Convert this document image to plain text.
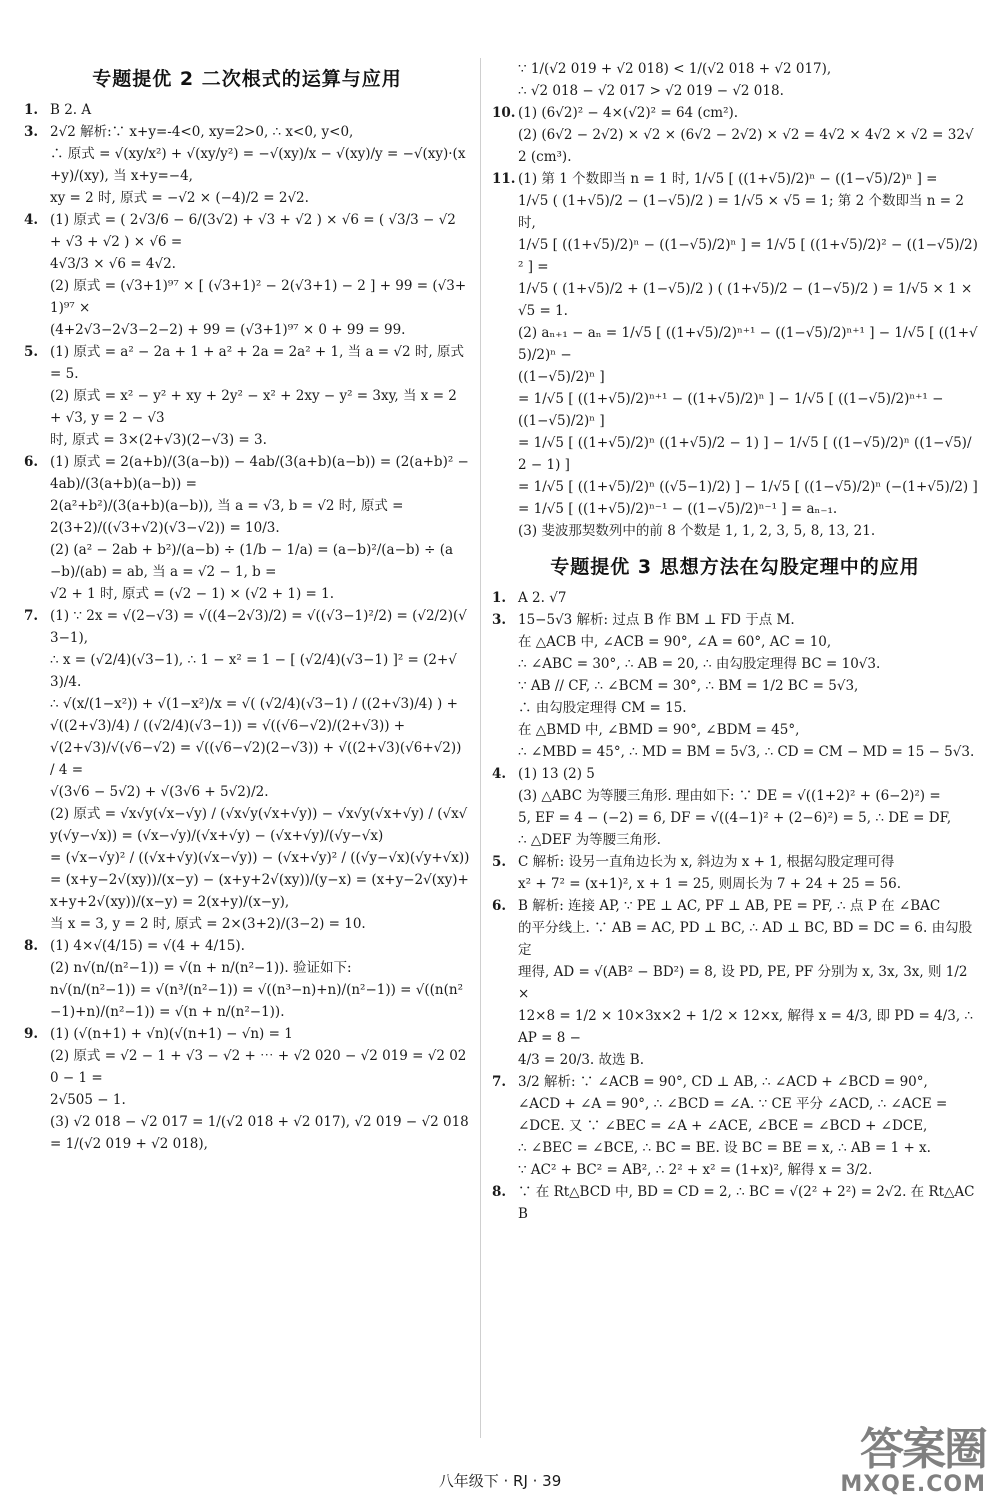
专题提优 2 二次根式的运算与应用
1. B 2. A
3. 2√2 解析:∵ x+y=-4<0, xy=2>0, ∴ x<0, y<0,
∴ 原式 = √(xy/x²) + √(xy/y²) = −√(xy)/x − √(xy)/y = −√(xy)·(x+y)/(xy), 当 x+y=−4,
xy = 2 时, 原式 = −√2 × (−4)/2 = 2√2.
4. (1) 原式 = ( 2√3/6 − 6/(3√2) + √3 + √2 ) × √6 = ( √3/3 − √2 + √3 + √2 ) × √6 =
4√3/3 × √6 = 4√2.
(2) 原式 = (√3+1)⁹⁷ × [ (√3+1)² − 2(√3+1) − 2 ] + 99 = (√3+1)⁹⁷ ×
(4+2√3−2√3−2−2) + 99 = (√3+1)⁹⁷ × 0 + 99 = 99.
5. (1) 原式 = a² − 2a + 1 + a² + 2a = 2a² + 1, 当 a = √2 时, 原式 = 5.
(2) 原式 = x² − y² + xy + 2y² − x² + 2xy − y² = 3xy, 当 x = 2 + √3, y = 2 − √3
时, 原式 = 3×(2+√3)(2−√3) = 3.
6. (1) 原式 = 2(a+b)/(3(a−b)) − 4ab/(3(a+b)(a−b)) = (2(a+b)² − 4ab)/(3(a+b)(a−b)) =
2(a²+b²)/(3(a+b)(a−b)), 当 a = √3, b = √2 时, 原式 =
2(3+2)/((√3+√2)(√3−√2)) = 10/3.
(2) (a² − 2ab + b²)/(a−b) ÷ (1/b − 1/a) = (a−b)²/(a−b) ÷ (a−b)/(ab) = ab, 当 a = √2 − 1, b =
√2 + 1 时, 原式 = (√2 − 1) × (√2 + 1) = 1.
7. (1) ∵ 2x = √(2−√3) = √((4−2√3)/2) = √((√3−1)²/2) = (√2/2)(√3−1),
∴ x = (√2/4)(√3−1), ∴ 1 − x² = 1 − [ (√2/4)(√3−1) ]² = (2+√3)/4.
∴ √(x/(1−x²)) + √(1−x²)/x = √( (√2/4)(√3−1) / ((2+√3)/4) ) + √((2+√3)/4) / ((√2/4)(√3−1)) = √((√6−√2)/(2+√3)) +
√(2+√3)/√(√6−√2) = √((√6−√2)(2−√3)) + √((2+√3)(√6+√2)) / 4 =
√(3√6 − 5√2) + √(3√6 + 5√2)/2.
(2) 原式 = √x√y(√x−√y) / (√x√y(√x+√y)) − √x√y(√x+√y) / (√x√y(√y−√x)) = (√x−√y)/(√x+√y) − (√x+√y)/(√y−√x)
= (√x−√y)² / ((√x+√y)(√x−√y)) − (√x+√y)² / ((√y−√x)(√y+√x))
= (x+y−2√(xy))/(x−y) − (x+y+2√(xy))/(y−x) = (x+y−2√(xy)+x+y+2√(xy))/(x−y) = 2(x+y)/(x−y),
当 x = 3, y = 2 时, 原式 = 2×(3+2)/(3−2) = 10.
8. (1) 4×√(4/15) = √(4 + 4/15).
(2) n√(n/(n²−1)) = √(n + n/(n²−1)). 验证如下:
n√(n/(n²−1)) = √(n³/(n²−1)) = √((n³−n)+n)/(n²−1)) = √((n(n²−1)+n)/(n²−1)) = √(n + n/(n²−1)).
9. (1) (√(n+1) + √n)(√(n+1) − √n) = 1
(2) 原式 = √2 − 1 + √3 − √2 + ⋯ + √2 020 − √2 019 = √2 020 − 1 =
2√505 − 1.
(3) √2 018 − √2 017 = 1/(√2 018 + √2 017), √2 019 − √2 018
= 1/(√2 019 + √2 018),
∵ 1/(√2 019 + √2 018) < 1/(√2 018 + √2 017),
∴ √2 018 − √2 017 > √2 019 − √2 018.
10. (1) (6√2)² − 4×(√2)² = 64 (cm²).
(2) (6√2 − 2√2) × √2 × (6√2 − 2√2) × √2 = 4√2 × 4√2 × √2 = 32√2 (cm³).
11. (1) 第 1 个数即当 n = 1 时, 1/√5 [ ((1+√5)/2)ⁿ − ((1−√5)/2)ⁿ ] =
1/√5 ( (1+√5)/2 − (1−√5)/2 ) = 1/√5 × √5 = 1; 第 2 个数即当 n = 2 时,
1/√5 [ ((1+√5)/2)ⁿ − ((1−√5)/2)ⁿ ] = 1/√5 [ ((1+√5)/2)² − ((1−√5)/2)² ] =
1/√5 ( (1+√5)/2 + (1−√5)/2 ) ( (1+√5)/2 − (1−√5)/2 ) = 1/√5 × 1 × √5 = 1.
(2) aₙ₊₁ − aₙ = 1/√5 [ ((1+√5)/2)ⁿ⁺¹ − ((1−√5)/2)ⁿ⁺¹ ] − 1/√5 [ ((1+√5)/2)ⁿ −
((1−√5)/2)ⁿ ]
= 1/√5 [ ((1+√5)/2)ⁿ⁺¹ − ((1+√5)/2)ⁿ ] − 1/√5 [ ((1−√5)/2)ⁿ⁺¹ −
((1−√5)/2)ⁿ ]
= 1/√5 [ ((1+√5)/2)ⁿ ((1+√5)/2 − 1) ] − 1/√5 [ ((1−√5)/2)ⁿ ((1−√5)/2 − 1) ]
= 1/√5 [ ((1+√5)/2)ⁿ ((√5−1)/2) ] − 1/√5 [ ((1−√5)/2)ⁿ (−(1+√5)/2) ]
= 1/√5 [ ((1+√5)/2)ⁿ⁻¹ − ((1−√5)/2)ⁿ⁻¹ ] = aₙ₋₁.
(3) 斐波那契数列中的前 8 个数是 1, 1, 2, 3, 5, 8, 13, 21.
专题提优 3 思想方法在勾股定理中的应用
1. A 2. √7
3. 15−5√3 解析: 过点 B 作 BM ⊥ FD 于点 M.
在 △ACB 中, ∠ACB = 90°, ∠A = 60°, AC = 10,
∴ ∠ABC = 30°, ∴ AB = 20, ∴ 由勾股定理得 BC = 10√3.
∵ AB // CF, ∴ ∠BCM = 30°, ∴ BM = 1/2 BC = 5√3,
∴ 由勾股定理得 CM = 15.
在 △BMD 中, ∠BMD = 90°, ∠BDM = 45°,
∴ ∠MBD = 45°, ∴ MD = BM = 5√3, ∴ CD = CM − MD = 15 − 5√3.
4. (1) 13 (2) 5
(3) △ABC 为等腰三角形. 理由如下: ∵ DE = √((1+2)² + (6−2)²) =
5, EF = 4 − (−2) = 6, DF = √((4−1)² + (2−6)²) = 5, ∴ DE = DF,
∴ △DEF 为等腰三角形.
5. C 解析: 设另一直角边长为 x, 斜边为 x + 1, 根据勾股定理可得
x² + 7² = (x+1)², x + 1 = 25, 则周长为 7 + 24 + 25 = 56.
6. B 解析: 连接 AP, ∵ PE ⊥ AC, PF ⊥ AB, PE = PF, ∴ 点 P 在 ∠BAC
的平分线上. ∵ AB = AC, PD ⊥ BC, ∴ AD ⊥ BC, BD = DC = 6. 由勾股定
理得, AD = √(AB² − BD²) = 8, 设 PD, PE, PF 分别为 x, 3x, 3x, 则 1/2 ×
12×8 = 1/2 × 10×3x×2 + 1/2 × 12×x, 解得 x = 4/3, 即 PD = 4/3, ∴ AP = 8 −
4/3 = 20/3. 故选 B.
7. 3/2 解析: ∵ ∠ACB = 90°, CD ⊥ AB, ∴ ∠ACD + ∠BCD = 90°,
∠ACD + ∠A = 90°, ∴ ∠BCD = ∠A. ∵ CE 平分 ∠ACD, ∴ ∠ACE =
∠DCE. 又 ∵ ∠BEC = ∠A + ∠ACE, ∠BCE = ∠BCD + ∠DCE,
∴ ∠BEC = ∠BCE, ∴ BC = BE. 设 BC = BE = x, ∴ AB = 1 + x.
∵ AC² + BC² = AB², ∴ 2² + x² = (1+x)², 解得 x = 3/2.
8. ∵ 在 Rt△BCD 中, BD = CD = 2, ∴ BC = √(2² + 2²) = 2√2. 在 Rt△ACB
八年级下 · RJ · 39
答案圈
MXQE.COM
